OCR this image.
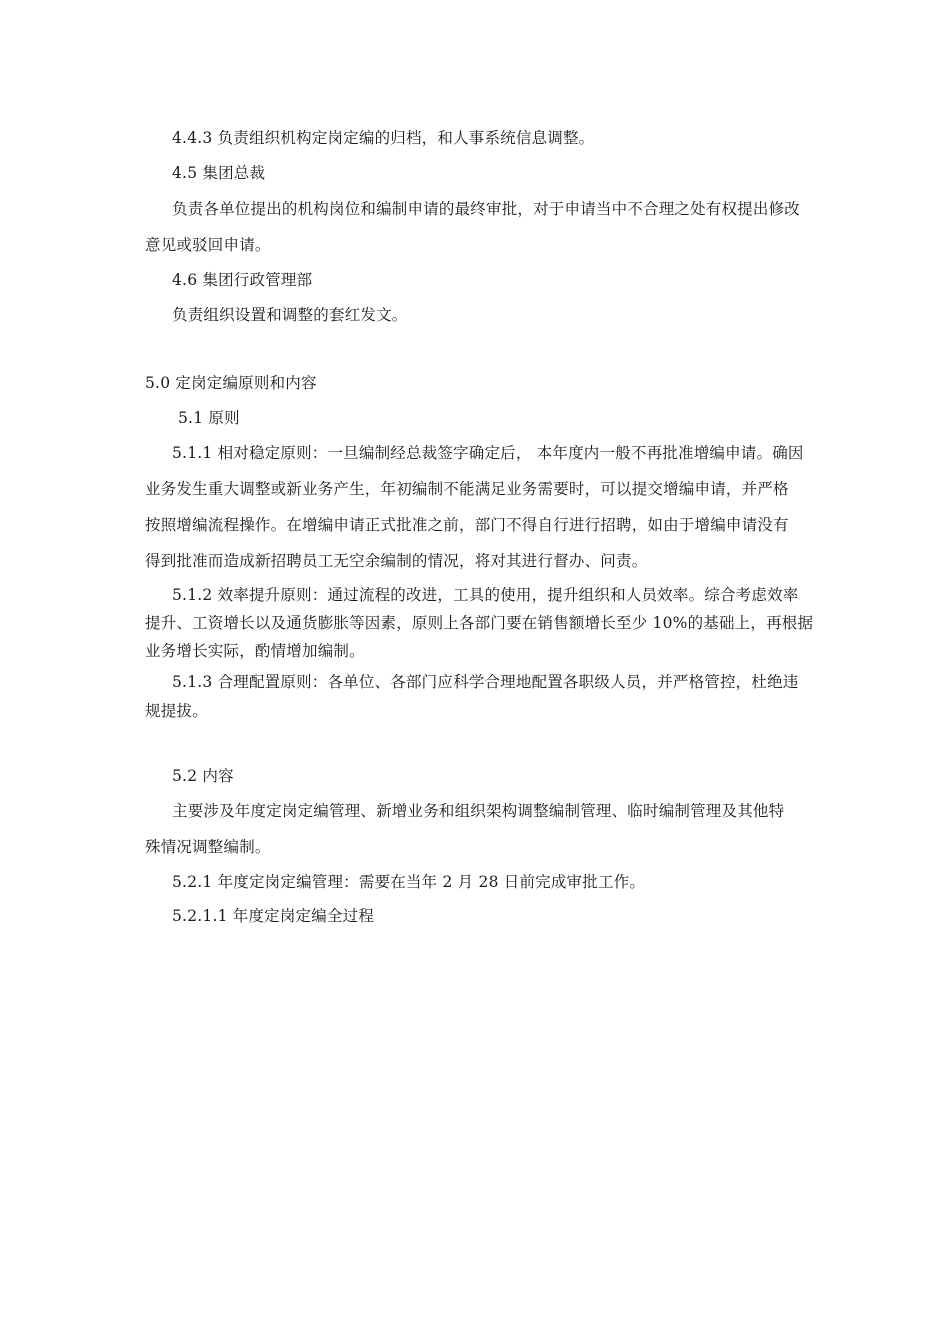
4.4.3 负责组织机构定岗定编的归档，和人事系统信息调整。
4.5 集团总裁
负责各单位提出的机构岗位和编制申请的最终审批，对于申请当中不合理之处有权提出修改
意见或驳回申请。
4.6 集团行政管理部
负责组织设置和调整的套红发文。
5.0 定岗定编原则和内容
5.1 原则
5.1.1 相对稳定原则：一旦编制经总裁签字确定后， 本年度内一般不再批准增编申请。确因
业务发生重大调整或新业务产生，年初编制不能满足业务需要时，可以提交增编申请，并严格
按照增编流程操作。在增编申请正式批准之前，部门不得自行进行招聘，如由于增编申请没有
得到批准而造成新招聘员工无空余编制的情况，将对其进行督办、问责。
5.1.2 效率提升原则：通过流程的改进，工具的使用，提升组织和人员效率。综合考虑效率
提升、工资增长以及通货膨胀等因素，原则上各部门要在销售额增长至少 10%的基础上，再根据
业务增长实际，酌情增加编制。
5.1.3 合理配置原则：各单位、各部门应科学合理地配置各职级人员，并严格管控，杜绝违
规提拔。
5.2 内容
主要涉及年度定岗定编管理、新增业务和组织架构调整编制管理、临时编制管理及其他特
殊情况调整编制。
5.2.1 年度定岗定编管理：需要在当年 2 月 28 日前完成审批工作。
5.2.1.1 年度定岗定编全过程
